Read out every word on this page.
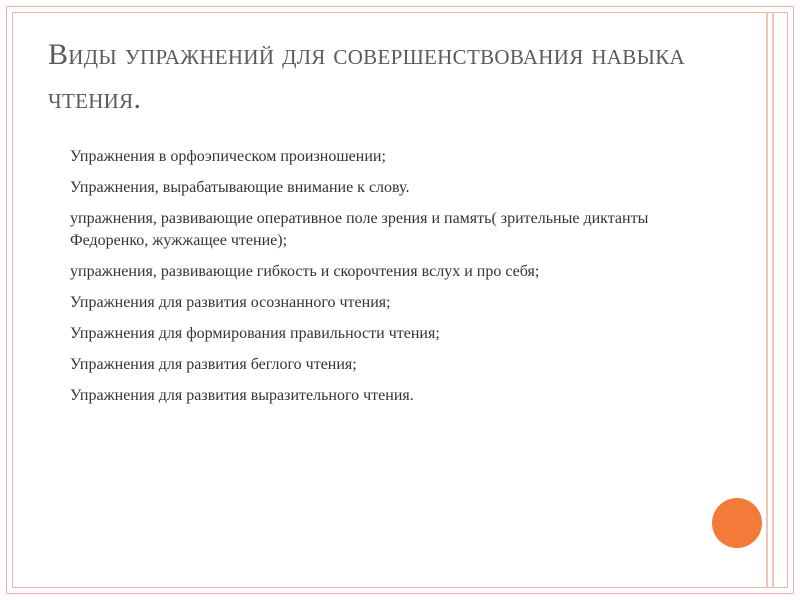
Виды упражнений для совершенствования навыка чтения.
Упражнения в орфоэпическом произношении;
Упражнения, вырабатывающие внимание к слову.
упражнения, развивающие оперативное поле зрения и память( зрительные диктанты Федоренко, жужжащее чтение);
упражнения, развивающие гибкость и скорочтения вслух и про себя;
Упражнения для развития осознанного чтения;
Упражнения для формирования правильности чтения;
Упражнения для развития беглого чтения;
Упражнения для развития выразительного чтения.
